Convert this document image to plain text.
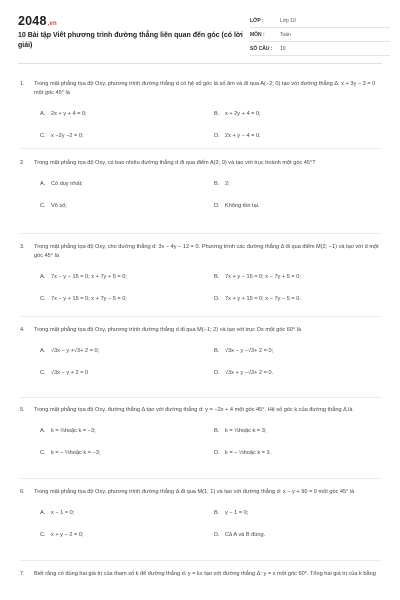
2048.vn
10 Bài tập Viết phương trình đường thẳng liên quan đến góc (có lời giải)
LỚP :	Lớp 10
MÔN :	Toán
SỐ CÂU :	10
1. Trong mặt phẳng tọa độ Oxy, phương trình đường thẳng d có hệ số góc là số âm và đi qua A(−2; 0) tạo với đường thẳng Δ: x + 3y − 3 = 0 một góc 45° là
A. 2x + y + 4 = 0;	B. x + 2y + 4 = 0;
C. x −2y −2 = 0;	D. 2x + y − 4 = 0.
2. Trong mặt phẳng tọa độ Oxy, có bao nhiêu đường thẳng d đi qua điểm A(2; 0) và tạo với trục hoành một góc 45°?
A. Có duy nhất;	B. 2;
C. Vô số;	D. Không tồn tại.
3. Trong mặt phẳng tọa độ Oxy, cho đường thẳng d: 3x − 4y − 12 = 0. Phương trình các đường thẳng Δ đi qua điểm M(2; −1) và tạo với d một góc 45° là
A. 7x − y − 15 = 0; x + 7y + 5 = 0;	B. 7x + y − 15 = 0; x − 7y + 5 = 0;
C. 7x − y + 15 = 0; x + 7y − 5 = 0;	D. 7x + y + 15 = 0; x − 7y − 5 = 0.
4. Trong mặt phẳng tọa độ Oxy, phương trình đường thẳng d đi qua M(−1; 2) và tạo với trục Ox một góc 60° là
A. √3x − y +√3+ 2 = 0;	B. √3x − y −√3+ 2 = 0;
C. √3x − y + 2 = 0	D. √3x + y −√3+ 2 = 0.
5. Trong mặt phẳng tọa độ Oxy, đường thẳng Δ tạo với đường thẳng d: y = −2x + 4 một góc 45°. Hệ số góc k của đường thẳng Δ là
A. k = ⅓hoặc k = −3;	B. k = ⅓hoặc k = 3;
C. k = − ⅓hoặc k = −3;	D. k = − ⅓hoặc k = 3.
6. Trong mặt phẳng tọa độ Oxy, phương trình đường thẳng Δ đi qua M(1; 1) và tạo với đường thẳng d: x − y + 90 = 0 một góc 45° là
A. x − 1 = 0;	B. y − 1 = 0;
C. x + y − 2 = 0;	D. Cả A và B đúng.
7. Biết rằng có đúng hai giá trị của tham số k để đường thẳng d: y = kx tạo với đường thẳng Δ: y = x một góc 60°. Tổng hai giá trị của k bằng
